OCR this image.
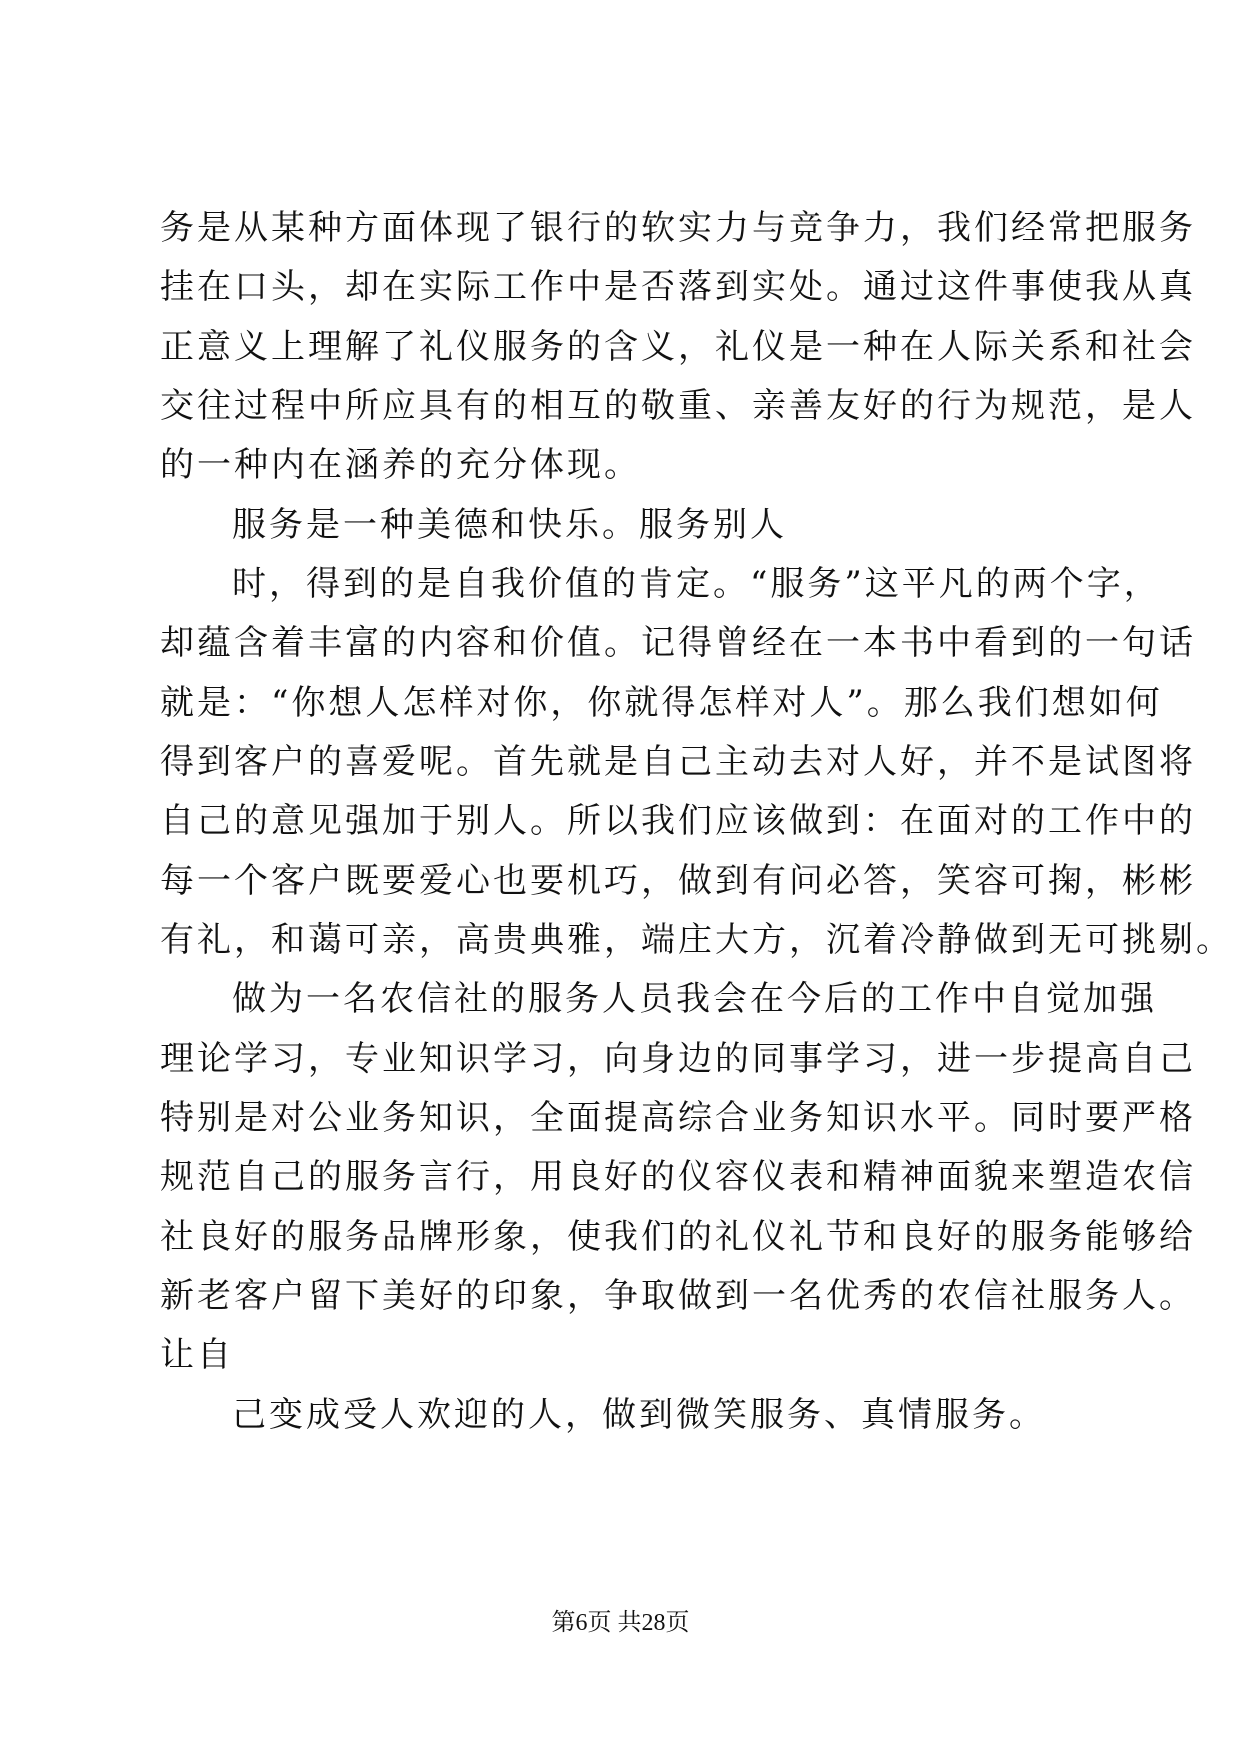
务是从某种方面体现了银行的软实力与竞争力，我们经常把服务
挂在口头，却在实际工作中是否落到实处。通过这件事使我从真
正意义上理解了礼仪服务的含义，礼仪是一种在人际关系和社会
交往过程中所应具有的相互的敬重、亲善友好的行为规范，是人
的一种内在涵养的充分体现。
服务是一种美德和快乐。服务别人
时，得到的是自我价值的肯定。“服务”这平凡的两个字，
却蕴含着丰富的内容和价值。记得曾经在一本书中看到的一句话
就是：“你想人怎样对你，你就得怎样对人”。那么我们想如何
得到客户的喜爱呢。首先就是自己主动去对人好，并不是试图将
自己的意见强加于别人。所以我们应该做到：在面对的工作中的
每一个客户既要爱心也要机巧，做到有问必答，笑容可掬，彬彬
有礼，和蔼可亲，高贵典雅，端庄大方，沉着冷静做到无可挑剔。
做为一名农信社的服务人员我会在今后的工作中自觉加强
理论学习，专业知识学习，向身边的同事学习，进一步提高自己
特别是对公业务知识，全面提高综合业务知识水平。同时要严格
规范自己的服务言行，用良好的仪容仪表和精神面貌来塑造农信
社良好的服务品牌形象，使我们的礼仪礼节和良好的服务能够给
新老客户留下美好的印象，争取做到一名优秀的农信社服务人。
让自
己变成受人欢迎的人，做到微笑服务、真情服务。
第6页 共28页
